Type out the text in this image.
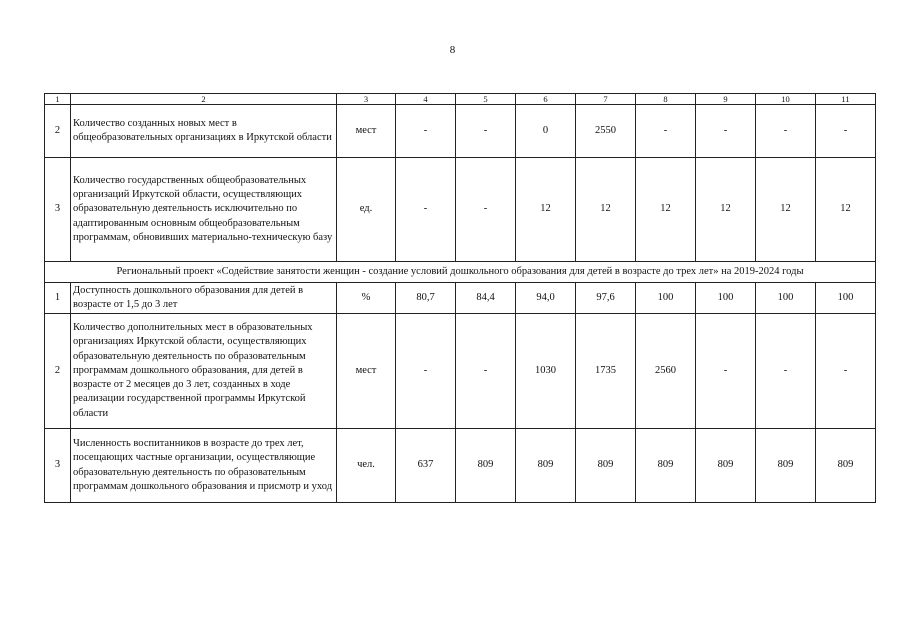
8
1	2	3	4	5	6	7	8	9	10	11
2	Количество созданных новых мест в общеобразовательных организациях в Иркутской области	мест	-	-	0	2550	-	-	-	-
3	Количество государственных общеобразовательных организаций Иркутской области, осуществляющих образовательную деятельность исключительно по адаптированным основным общеобразовательным программам, обновивших материально-техническую базу	ед.	-	-	12	12	12	12	12	12
Региональный проект «Содействие занятости женщин - создание условий дошкольного образования для детей в возрасте до трех лет» на 2019-2024 годы										
1	Доступность дошкольного образования для детей в возрасте от 1,5 до 3 лет	%	80,7	84,4	94,0	97,6	100	100	100	100
2	Количество дополнительных мест в образовательных организациях Иркутской области, осуществляющих образовательную деятельность по образовательным программам дошкольного образования, для детей в возрасте от 2 месяцев до 3 лет, созданных в ходе реализации государственной программы Иркутской области	мест	-	-	1030	1735	2560	-	-	-
3	Численность воспитанников в возрасте до трех лет, посещающих частные организации, осуществляющие образовательную деятельность по образовательным программам дошкольного образования и присмотр и уход	чел.	637	809	809	809	809	809	809	809
